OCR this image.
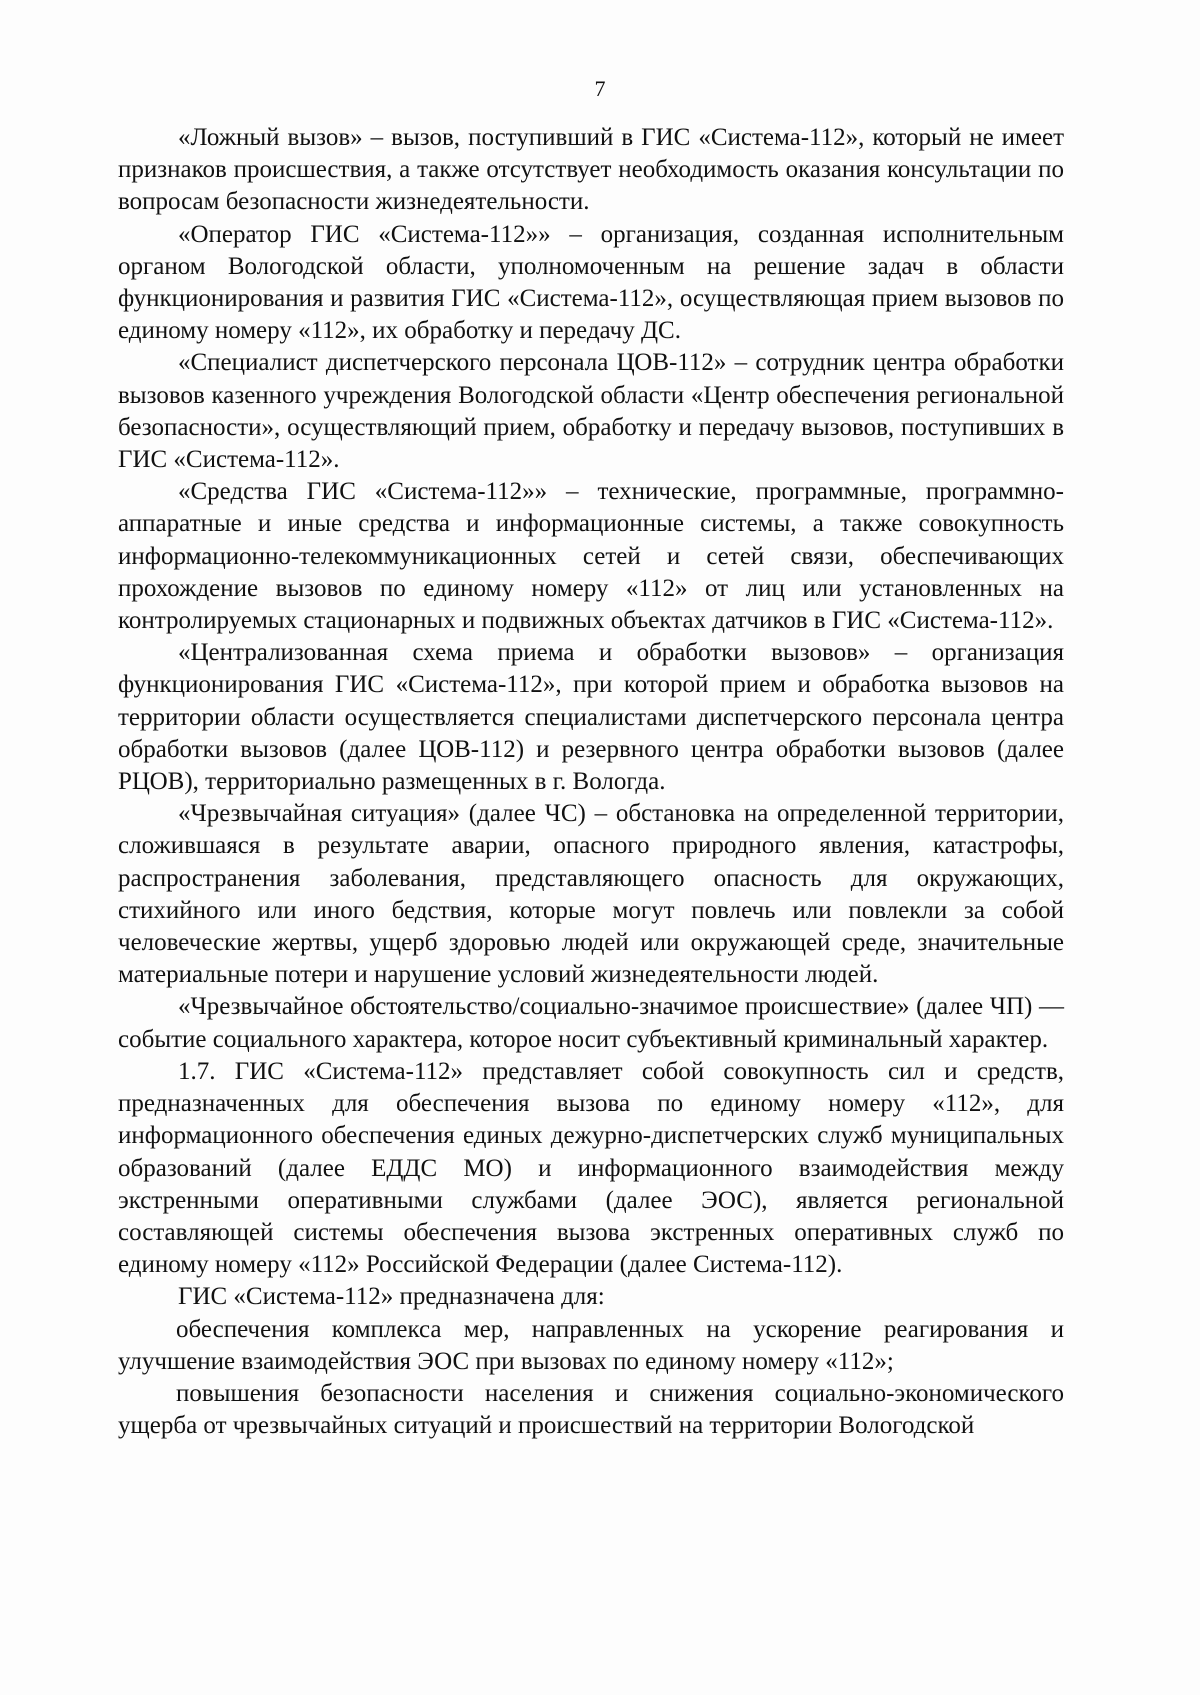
7

«Ложный вызов» – вызов, поступивший в ГИС «Система-112», который не имеет признаков происшествия, а также отсутствует необходимость оказания консультации по вопросам безопасности жизнедеятельности.

«Оператор ГИС «Система-112»» – организация, созданная исполнительным органом Вологодской области, уполномоченным на решение задач в области функционирования и развития ГИС «Система-112», осуществляющая прием вызовов по единому номеру «112», их обработку и передачу ДС.

«Специалист диспетчерского персонала ЦОВ-112» – сотрудник центра обработки вызовов казенного учреждения Вологодской области «Центр обеспечения региональной безопасности», осуществляющий прием, обработку и передачу вызовов, поступивших в ГИС «Система-112».

«Средства ГИС «Система-112»» – технические, программные, программно-аппаратные и иные средства и информационные системы, а также совокупность информационно-телекоммуникационных сетей и сетей связи, обеспечивающих прохождение вызовов по единому номеру «112» от лиц или установленных на контролируемых стационарных и подвижных объектах датчиков в ГИС «Система-112».

«Централизованная схема приема и обработки вызовов» – организация функционирования ГИС «Система-112», при которой прием и обработка вызовов на территории области осуществляется специалистами диспетчерского персонала центра обработки вызовов (далее ЦОВ-112) и резервного центра обработки вызовов (далее РЦОВ), территориально размещенных в г. Вологда.

«Чрезвычайная ситуация» (далее ЧС) – обстановка на определенной территории, сложившаяся в результате аварии, опасного природного явления, катастрофы, распространения заболевания, представляющего опасность для окружающих, стихийного или иного бедствия, которые могут повлечь или повлекли за собой человеческие жертвы, ущерб здоровью людей или окружающей среде, значительные материальные потери и нарушение условий жизнедеятельности людей.

«Чрезвычайное обстоятельство/социально-значимое происшествие» (далее ЧП) — событие социального характера, которое носит субъективный криминальный характер.

1.7. ГИС «Система-112» представляет собой совокупность сил и средств, предназначенных для обеспечения вызова по единому номеру «112», для информационного обеспечения единых дежурно-диспетчерских служб муниципальных образований (далее ЕДДС МО) и информационного взаимодействия между экстренными оперативными службами (далее ЭОС), является региональной составляющей системы обеспечения вызова экстренных оперативных служб по единому номеру «112» Российской Федерации (далее Система-112).

ГИС «Система-112» предназначена для:

обеспечения комплекса мер, направленных на ускорение реагирования и улучшение взаимодействия ЭОС при вызовах по единому номеру «112»;

повышения безопасности населения и снижения социально-экономического ущерба от чрезвычайных ситуаций и происшествий на территории Вологодской
